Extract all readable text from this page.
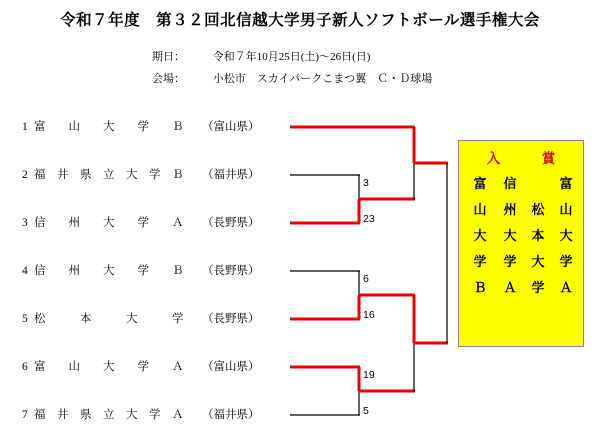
令和７年度　第３２回北信越大学男子新人ソフトボール選手権大会
期日：	令和７年10月25日(土)～26日(日)
会場：	小松市　スカイパークこまつ翼　Ｃ・Ｄ球場
1 富　　山　　大　　学　　Ｂ （富山県）
2 福　井　県　立　大　学　Ｂ （福井県）
3 信　　州　　大　　学　　Ａ （長野県）
4 信　　州　　大　　学　　Ｂ （長野県）
5 松　　　本　　　大　　　学 （長野県）
6 富　　山　　大　　学　　Ａ （富山県）
7 福　井　県　立　大　学　Ａ （福井県）
3
23
6
16
19
5
入　賞
富
山
大
学
Ｂ
信
州
大
学
Ａ
松
本
大
学
富
山
大
学
Ａ
